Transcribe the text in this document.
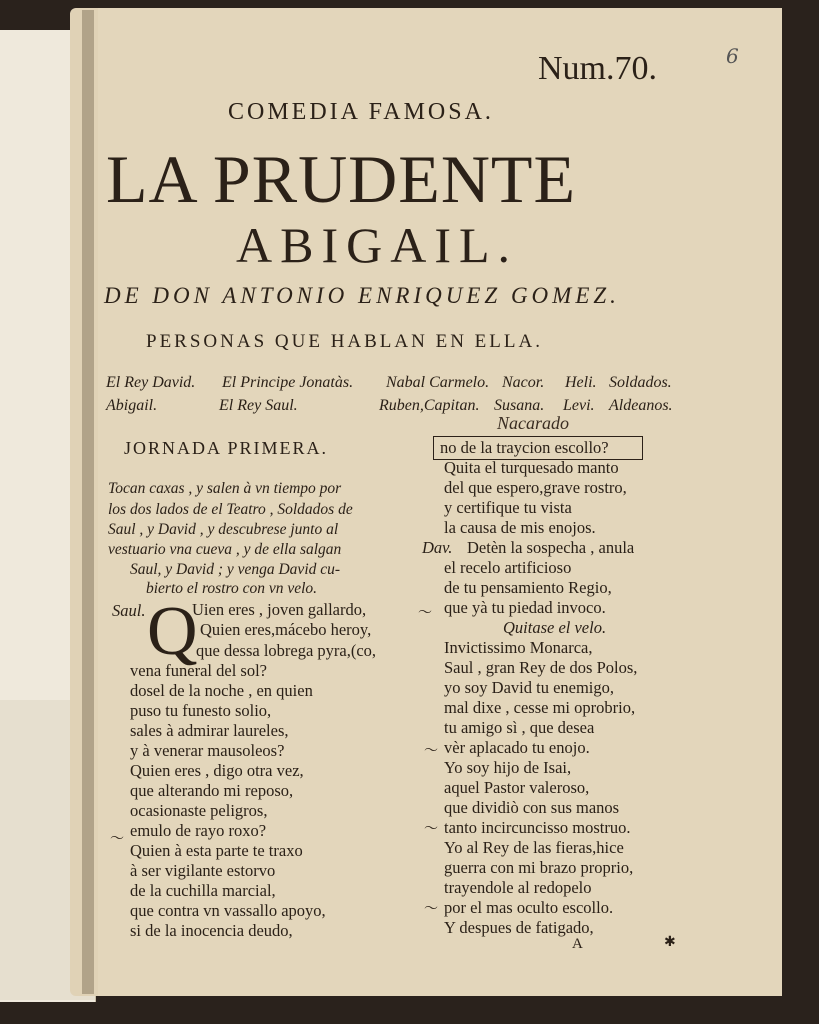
Num.70.	6
COMEDIA FAMOSA.
LA PRUDENTE
ABIGAIL.
DE DON ANTONIO ENRIQUEZ GOMEZ.
PERSONAS QUE HABLAN EN ELLA.
El Rey David. El Principe Jonatàs. Nabal Carmelo. Nacor. Heli. Soldados.
Abigail.	El Rey Saul.	Ruben,Capitan. Susana. Levi. Aldeanos.
Nacarado
JORNADA PRIMERA.
Tocan caxas , y salen à vn tiempo por
los dos lados de el Teatro , Soldados de
Saul , y David , y descubrese junto al
vestuario vna cueva , y de ella salgan
Saul, y David ; y venga David cu-
bierto el rostro con vn velo.
Saul. Q
Uien eres , joven gallardo,
Quien eres,mácebo heroy,
que dessa lobrega pyra,(co,
vena funeral del sol?
dosel de la noche , en quien
puso tu funesto solio,
sales à admirar laureles,
y à venerar mausoleos?
Quien eres , digo otra vez,
que alterando mi reposo,
ocasionaste peligros,
emulo de rayo roxo?
Quien à esta parte te traxo
à ser vigilante estorvo
de la cuchilla marcial,
que contra vn vassallo apoyo,
si de la inocencia deudo,
no de la traycion escollo?
Quita el turquesado manto
del que espero,grave rostro,
y certifique tu vista
la causa de mis enojos.
Dav. Detèn la sospecha , anula
el recelo artificioso
de tu pensamiento Regio,
que yà tu piedad invoco.
Quitase el velo.
Invictissimo Monarca,
Saul , gran Rey de dos Polos,
yo soy David tu enemigo,
mal dixe , cesse mi oprobrio,
tu amigo sì , que desea
vèr aplacado tu enojo.
Yo soy hijo de Isai,
aquel Pastor valeroso,
que dividiò con sus manos
tanto incircuncisso mostruo.
Yo al Rey de las fieras,hice
guerra con mi brazo proprio,
trayendole al redopelo
por el mas oculto escollo.
Y despues de fatigado,
A
〜
〜
〜
〜
〜
✱
